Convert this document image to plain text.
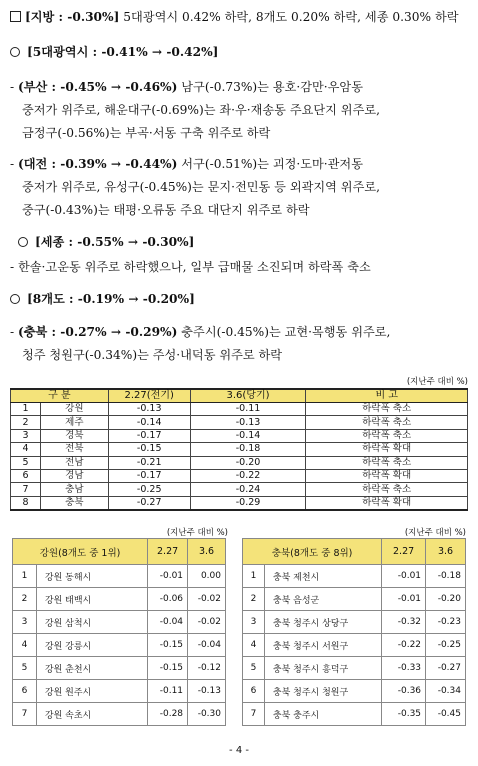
[지방 : -0.30%] 5대광역시 0.42% 하락, 8개도 0.20% 하락, 세종 0.30% 하락
[5대광역시 : -0.41% → -0.42%]
- (부산 : -0.45% → -0.46%) 남구(-0.73%)는 용호·감만·우암동
중저가 위주로, 해운대구(-0.69%)는 좌·우·재송동 주요단지 위주로,
금정구(-0.56%)는 부곡·서동 구축 위주로 하락
- (대전 : -0.39% → -0.44%) 서구(-0.51%)는 괴정·도마·관저동
중저가 위주로, 유성구(-0.45%)는 문지·전민동 등 외곽지역 위주로,
중구(-0.43%)는 태평·오류동 주요 대단지 위주로 하락
[세종 : -0.55% → -0.30%]
- 한솔·고운동 위주로 하락했으나, 일부 급매물 소진되며 하락폭 축소
[8개도 : -0.19% → -0.20%]
- (충북 : -0.27% → -0.29%) 충주시(-0.45%)는 교현·목행동 위주로,
청주 청원구(-0.34%)는 주성·내덕동 위주로 하락
(지난주 대비 %)
구 분		2.27(전기)	3.6(당기)	비 고
1	강원	-0.13	-0.11	하락폭 축소
2	제주	-0.14	-0.13	하락폭 축소
3	경북	-0.17	-0.14	하락폭 축소
4	전북	-0.15	-0.18	하락폭 확대
5	전남	-0.21	-0.20	하락폭 축소
6	경남	-0.17	-0.22	하락폭 확대
7	충남	-0.25	-0.24	하락폭 축소
8	충북	-0.27	-0.29	하락폭 확대
(지난주 대비 %)	(지난주 대비 %)
강원(8개도 중 1위)		2.27	3.6
1	강원 동해시	-0.01	0.00
2	강원 태백시	-0.06	-0.02
3	강원 삼척시	-0.04	-0.02
4	강원 강릉시	-0.15	-0.04
5	강원 춘천시	-0.15	-0.12
6	강원 원주시	-0.11	-0.13
7	강원 속초시	-0.28	-0.30
충북(8개도 중 8위)		2.27	3.6
1	충북 제천시	-0.01	-0.18
2	충북 음성군	-0.01	-0.20
3	충북 청주시 상당구	-0.32	-0.23
4	충북 청주시 서원구	-0.22	-0.25
5	충북 청주시 흥덕구	-0.33	-0.27
6	충북 청주시 청원구	-0.36	-0.34
7	충북 충주시	-0.35	-0.45
- 4 -
